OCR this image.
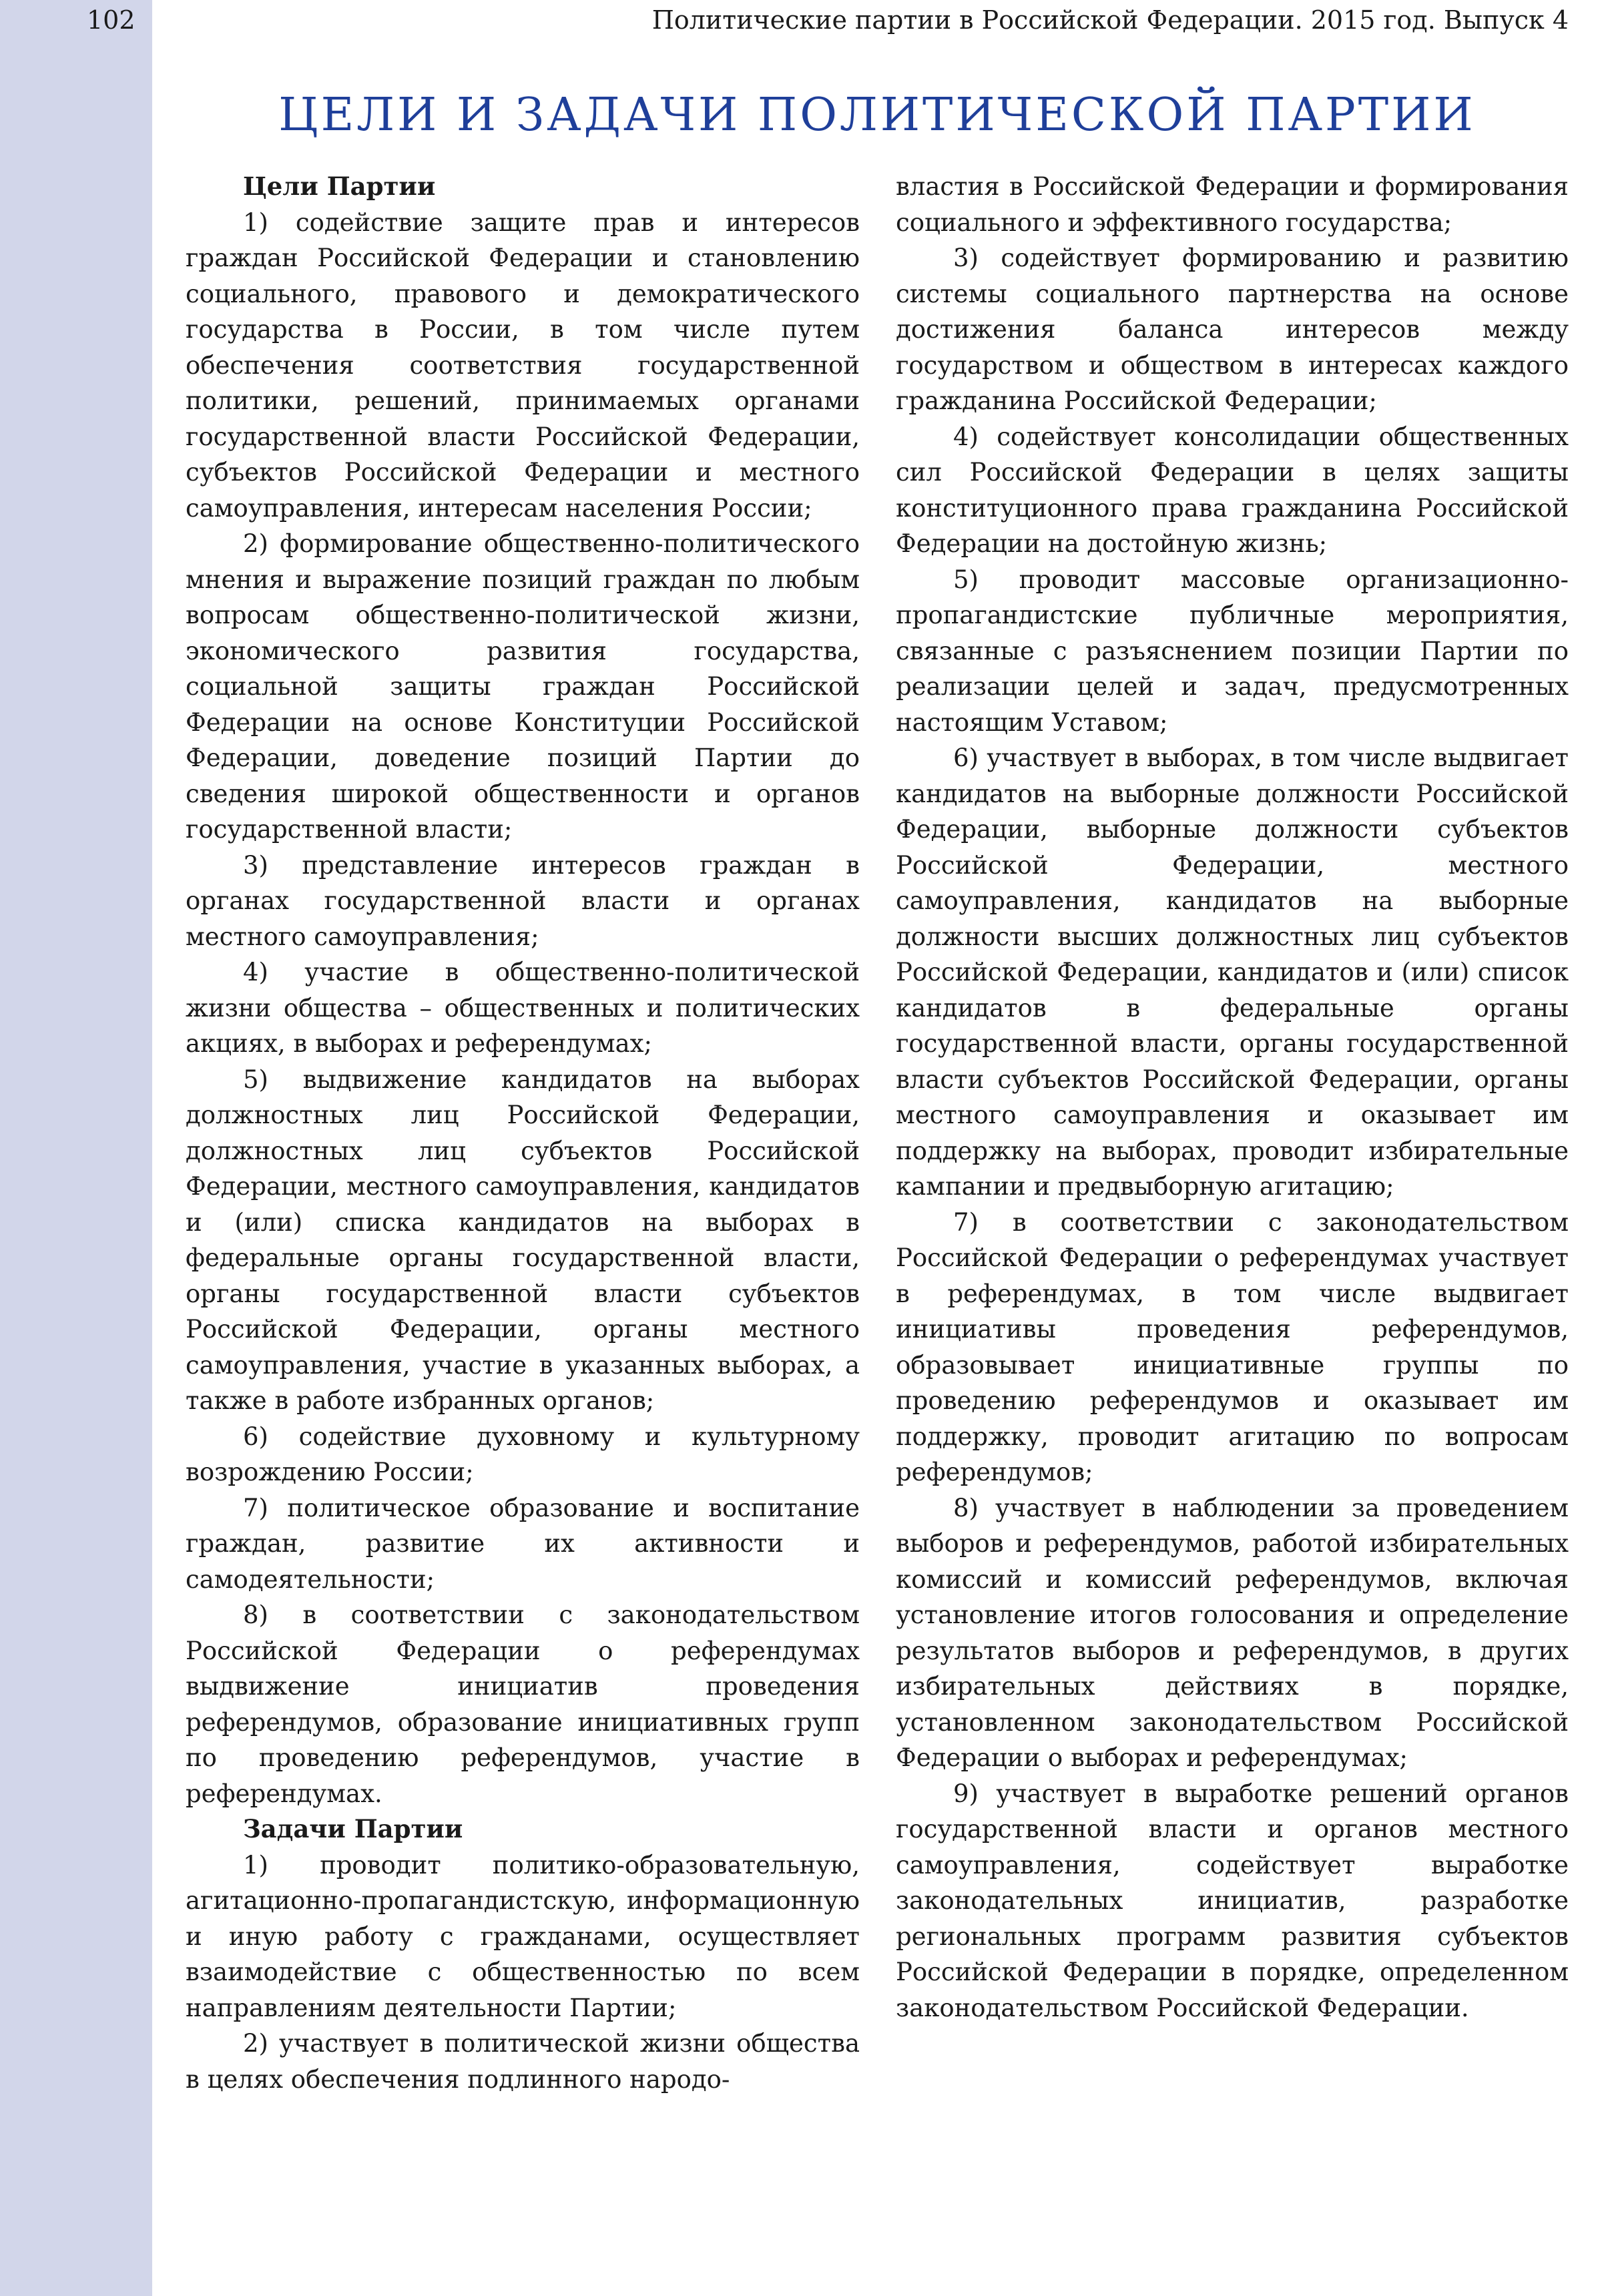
102	Политические партии в Российской Федерации. 2015 год. Выпуск 4
ЦЕЛИ И ЗАДАЧИ ПОЛИТИЧЕСКОЙ ПАРТИИ
Цели Партии

1) содействие защите прав и интересов граждан Российской Федерации и становлению социального, правового и демократического государства в России, в том числе путем обеспечения соответствия государственной политики, решений, принимаемых органами государственной власти Российской Федерации, субъектов Российской Федерации и местного самоуправления, интересам населения России;

2) формирование общественно-политического мнения и выражение позиций граждан по любым вопросам общественно-политической жизни, экономического развития государства, социальной защиты граждан Российской Федерации на основе Конституции Российской Федерации, доведение позиций Партии до сведения широкой общественности и органов государственной власти;

3) представление интересов граждан в органах государственной власти и органах местного самоуправления;

4) участие в общественно-политической жизни общества – общественных и политических акциях, в выборах и референдумах;

5) выдвижение кандидатов на выборах должностных лиц Российской Федерации, должностных лиц субъектов Российской Федерации, местного самоуправления, кандидатов и (или) списка кандидатов на выборах в федеральные органы государственной власти, органы государственной власти субъектов Российской Федерации, органы местного самоуправления, участие в указанных выборах, а также в работе избранных органов;

6) содействие духовному и культурному возрождению России;

7) политическое образование и воспитание граждан, развитие их активности и самодеятельности;

8) в соответствии с законодательством Российской Федерации о референдумах выдвижение инициатив проведения референдумов, образование инициативных групп по проведению референдумов, участие в референдумах.

Задачи Партии

1) проводит политико-образовательную, агитационно-пропагандистскую, информационную и иную работу с гражданами, осуществляет взаимодействие с общественностью по всем направлениям деятельности Партии;

2) участвует в политической жизни общества в целях обеспечения подлинного народо-

властия в Российской Федерации и формирования социального и эффективного государства;

3) содействует формированию и развитию системы социального партнерства на основе достижения баланса интересов между государством и обществом в интересах каждого гражданина Российской Федерации;

4) содействует консолидации общественных сил Российской Федерации в целях защиты конституционного права гражданина Российской Федерации на достойную жизнь;

5) проводит массовые организационно-пропагандистские публичные мероприятия, связанные с разъяснением позиции Партии по реализации целей и задач, предусмотренных настоящим Уставом;

6) участвует в выборах, в том числе выдвигает кандидатов на выборные должности Российской Федерации, выборные должности субъектов Российской Федерации, местного самоуправления, кандидатов на выборные должности высших должностных лиц субъектов Российской Федерации, кандидатов и (или) список кандидатов в федеральные органы государственной власти, органы государственной власти субъектов Российской Федерации, органы местного самоуправления и оказывает им поддержку на выборах, проводит избирательные кампании и предвыборную агитацию;

7) в соответствии с законодательством Российской Федерации о референдумах участвует в референдумах, в том числе выдвигает инициативы проведения референдумов, образовывает инициативные группы по проведению референдумов и оказывает им поддержку, проводит агитацию по вопросам референдумов;

8) участвует в наблюдении за проведением выборов и референдумов, работой избирательных комиссий и комиссий референдумов, включая установление итогов голосования и определение результатов выборов и референдумов, в других избирательных действиях в порядке, установленном законодательством Российской Федерации о выборах и референдумах;

9) участвует в выработке решений органов государственной власти и органов местного самоуправления, содействует выработке законодательных инициатив, разработке региональных программ развития субъектов Российской Федерации в порядке, определенном законодательством Российской Федерации.
